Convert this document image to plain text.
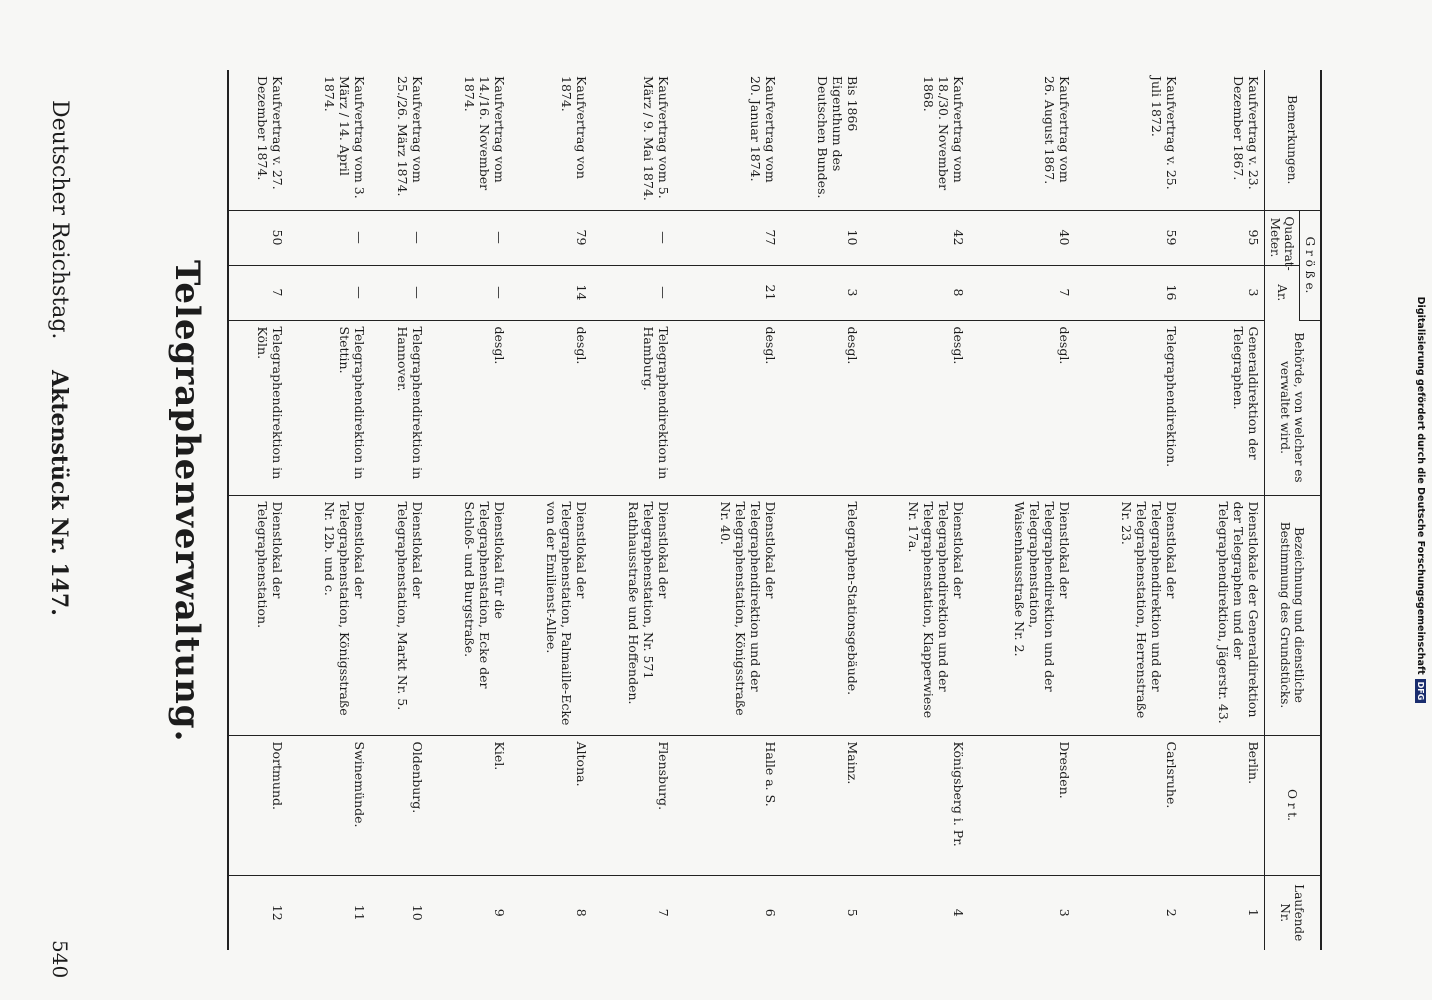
Digitalisierung gefördert durch die Deutsche ForschungsgemeinschaftDFG
Bemerkungen.	G r ö ß e.		Behörde, von welcher es verwaltet wird.	Bezeichnung und dienstliche Bestimmung des Grundstücks.	O r t.	Laufende Nr.
	Quadrat-Meter.	Ar.				
Kaufvertrag v. 23. Dezember 1867.	95	3	Generaldirektion der Telegraphen.	Dienstlokale der Generaldirektion der Telegraphen und der Telegraphendirektion, Jägerstr. 43.	Berlin.	1
Kaufvertrag v. 25. Juli 1872.	59	16	Telegraphendirektion.	Dienstlokal der Telegraphendirektion und der Telegraphenstation, Herrenstraße Nr. 23.	Carlsruhe.	2
Kaufvertrag vom 26. August 1867.	40	7	desgl.	Dienstlokal der Telegraphendirektion und der Telegraphenstation, Waisenhausstraße Nr. 2.	Dresden.	3
Kaufvertrag vom 18./30. November 1868.	42	8	desgl.	Dienstlokal der Telegraphendirektion und der Telegraphenstation, Klapperwiese Nr. 17a.	Königsberg i. Pr.	4
Bis 1866 Eigenthum des Deutschen Bundes.	10	3	desgl.	Telegraphen-Stationsgebäude.	Mainz.	5
Kaufvertrag vom 20. Januar 1874.	77	21	desgl.	Dienstlokal der Telegraphendirektion und der Telegraphenstation, Königsstraße Nr. 40.	Halle a. S.	6
Kaufvertrag vom 5. März / 9. Mai 1874.	—	—	Telegraphendirektion in Hamburg.	Dienstlokal der Telegraphenstation, Nr. 571 Rathhausstraße und Hoffenden.	Flensburg.	7
Kaufvertrag von 1874.	79	14	desgl.	Dienstlokal der Telegraphenstation, Palmaille-Ecke von der Emilienst-Allee.	Altona.	8
Kaufvertrag vom 14./16. November 1874.	—	—	desgl.	Dienstlokal für die Telegraphenstation, Ecke der Schloß- und Burgstraße.	Kiel.	9
Kaufvertrag vom 25./26. März 1874.	—	—	Telegraphendirektion in Hannover.	Dienstlokal der Telegraphenstation, Markt Nr. 5.	Oldenburg.	10
Kaufvertrag vom 3. März / 14. April 1874.	—	—	Telegraphendirektion in Stettin.	Dienstlokal der Telegraphenstation, Königsstraße Nr. 12b. und c.	Swinemünde.	11
Kaufvertrag v. 27. Dezember 1874.	50	7	Telegraphendirektion in Köln.	Dienstlokal der Telegraphenstation.	Dortmund.	12
Telegraphenverwaltung.
Deutscher Reichstag.
Aktenstück Nr. 147.
540
